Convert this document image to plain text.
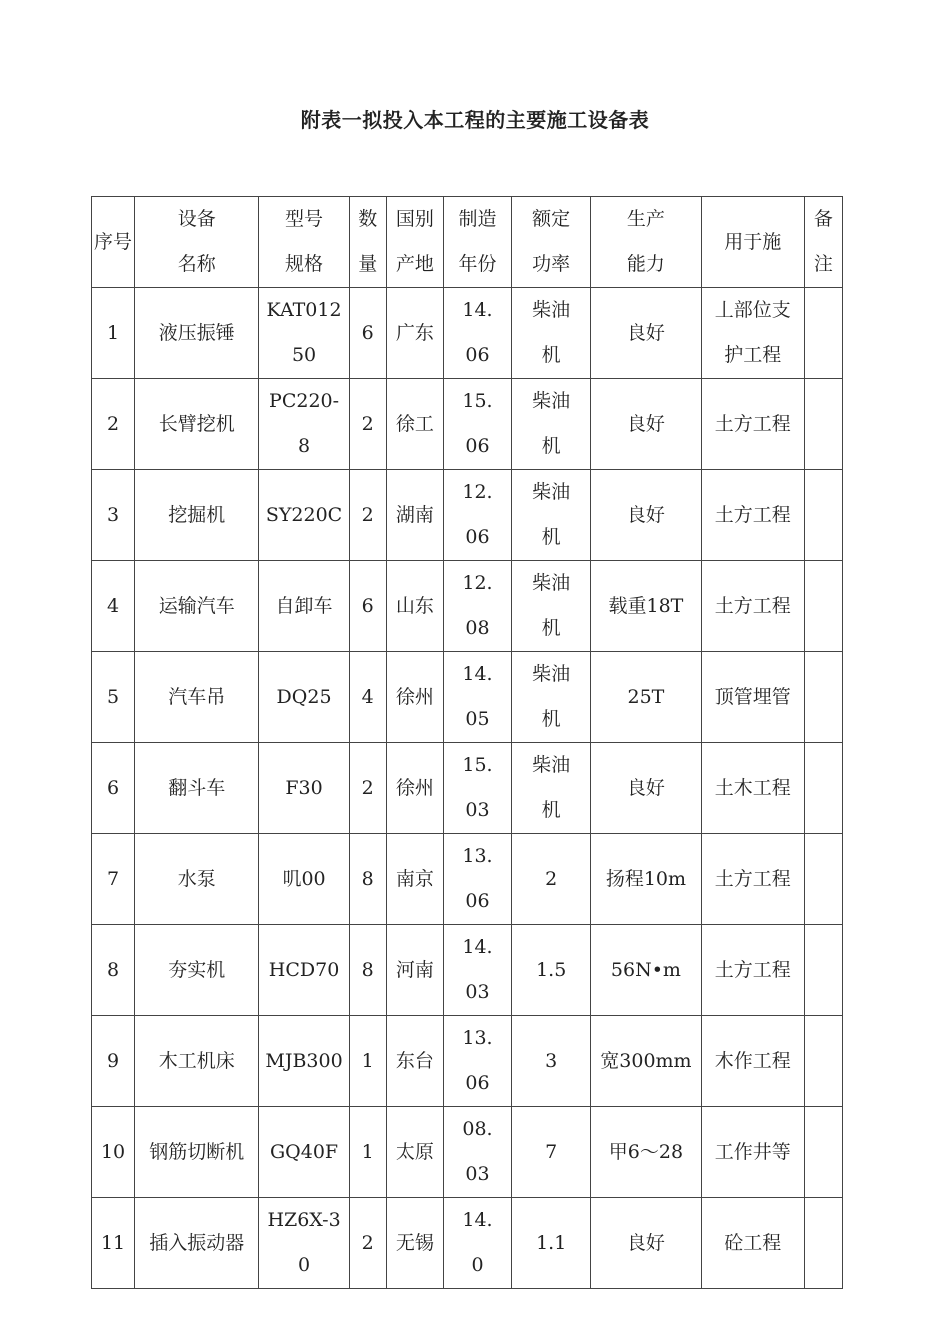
附表一拟投入本工程的主要施工设备表
序号	设备名称	型号规格	数量	国别产地	制造年份	额定功率	生产能力	用于施	备注
1	液压振锤	KAT01250	6	广东	14.06	柴油机	良好	丄部位支护工程	
2	长臂挖机	PC220-8	2	徐工	15.06	柴油机	良好	土方工程	
3	挖掘机	SY220C	2	湖南	12.06	柴油机	良好	土方工程	
4	运输汽车	自卸车	6	山东	12.08	柴油机	载重18T	土方工程	
5	汽车吊	DQ25	4	徐州	14.05	柴油机	25T	顶管埋管	
6	翻斗车	F30	2	徐州	15.03	柴油机	良好	土木工程	
7	水泵	叽00	8	南京	13.06	2	扬程10m	土方工程	
8	夯实机	HCD70	8	河南	14.03	1.5	56N•m	土方工程	
9	木工机床	MJB300	1	东台	13.06	3	宽300mm	木作工程	
10	钢筋切断机	GQ40F	1	太原	08.03	7	甲6〜28	工作井等	
11	插入振动器	HZ6X-30	2	无锡	14.0	1.1	良好	砼工程	
